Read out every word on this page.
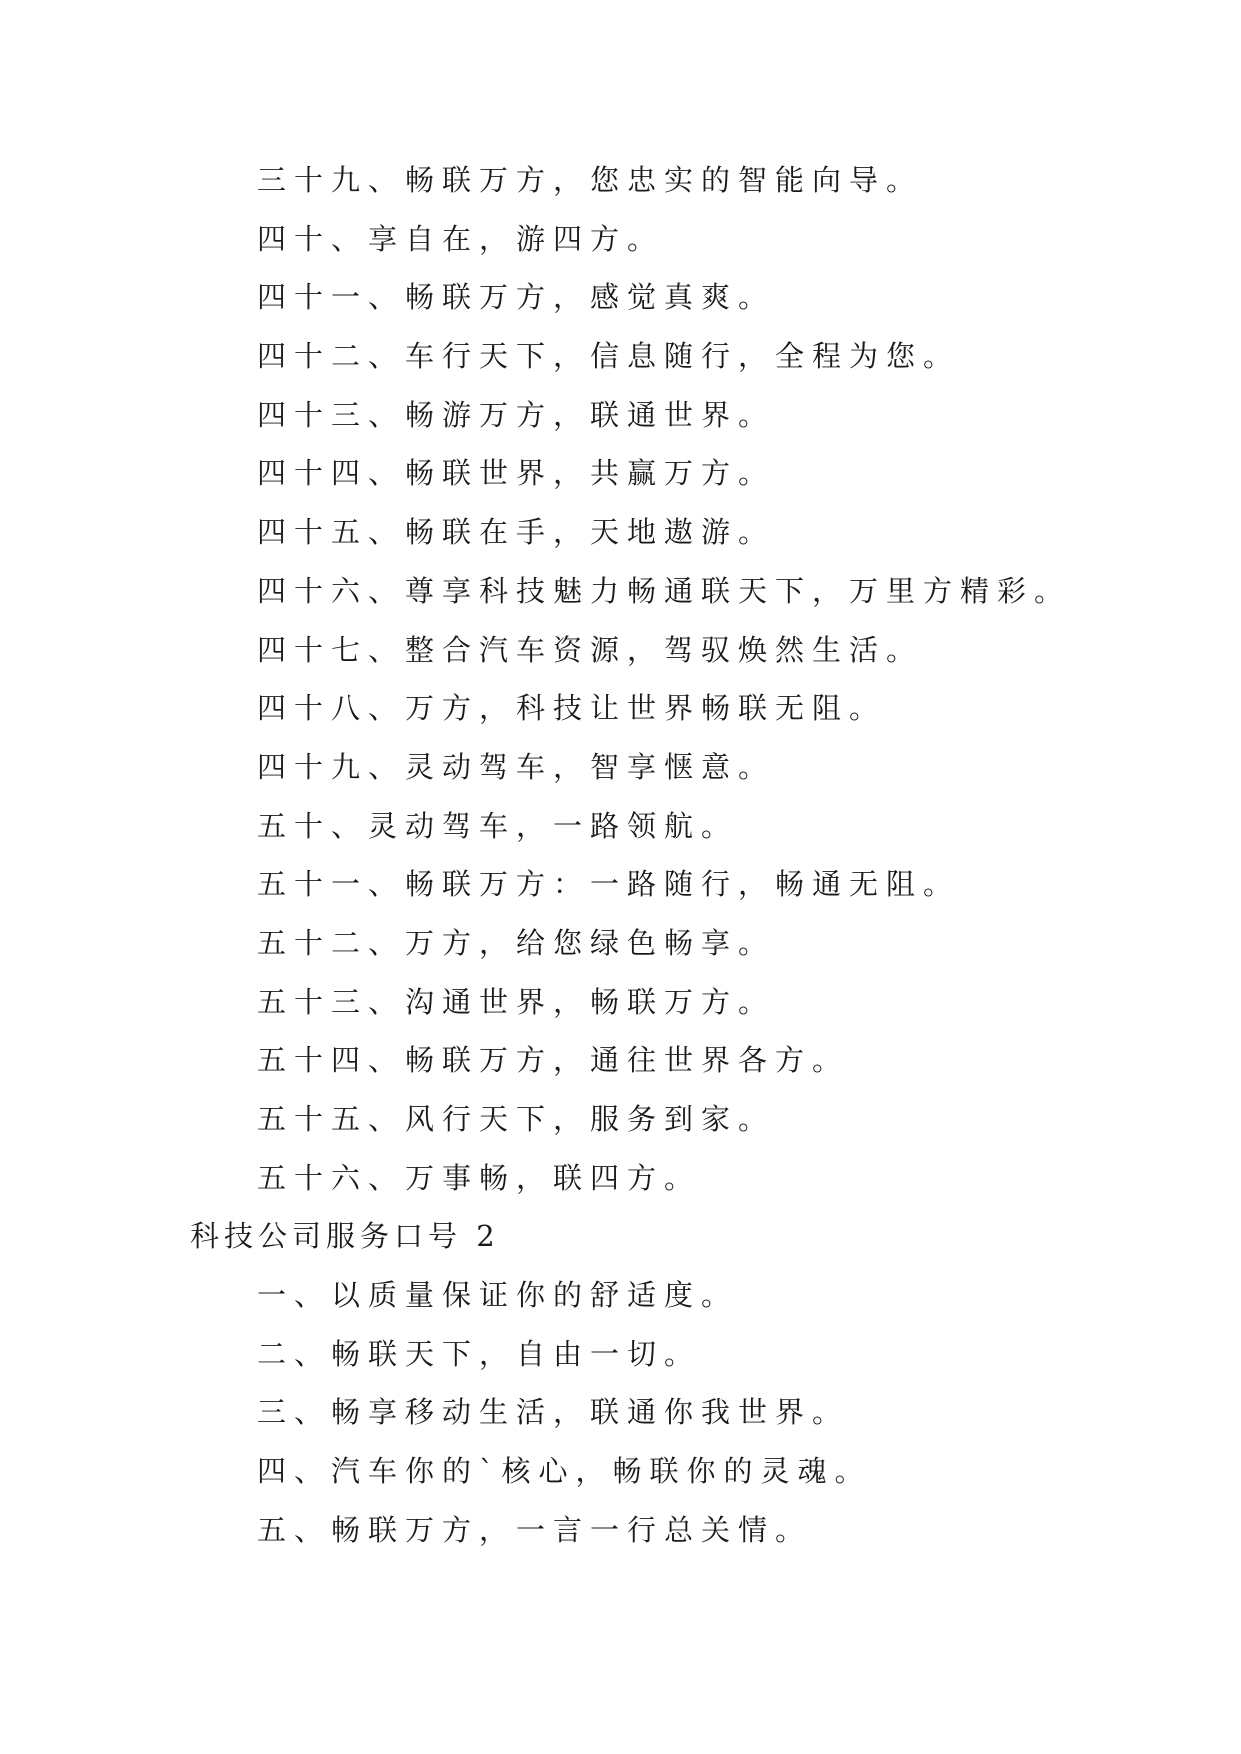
三十九、畅联万方，您忠实的智能向导。

四十、享自在，游四方。

四十一、畅联万方，感觉真爽。

四十二、车行天下，信息随行，全程为您。

四十三、畅游万方，联通世界。

四十四、畅联世界，共赢万方。

四十五、畅联在手，天地遨游。

四十六、尊享科技魅力畅通联天下，万里方精彩。

四十七、整合汽车资源，驾驭焕然生活。

四十八、万方，科技让世界畅联无阻。

四十九、灵动驾车，智享惬意。

五十、灵动驾车，一路领航。

五十一、畅联万方：一路随行，畅通无阻。

五十二、万方，给您绿色畅享。

五十三、沟通世界，畅联万方。

五十四、畅联万方，通往世界各方。

五十五、风行天下，服务到家。

五十六、万事畅，联四方。

科技公司服务口号 2

一、以质量保证你的舒适度。

二、畅联天下，自由一切。

三、畅享移动生活，联通你我世界。

四、汽车你的`核心，畅联你的灵魂。

五、畅联万方，一言一行总关情。
